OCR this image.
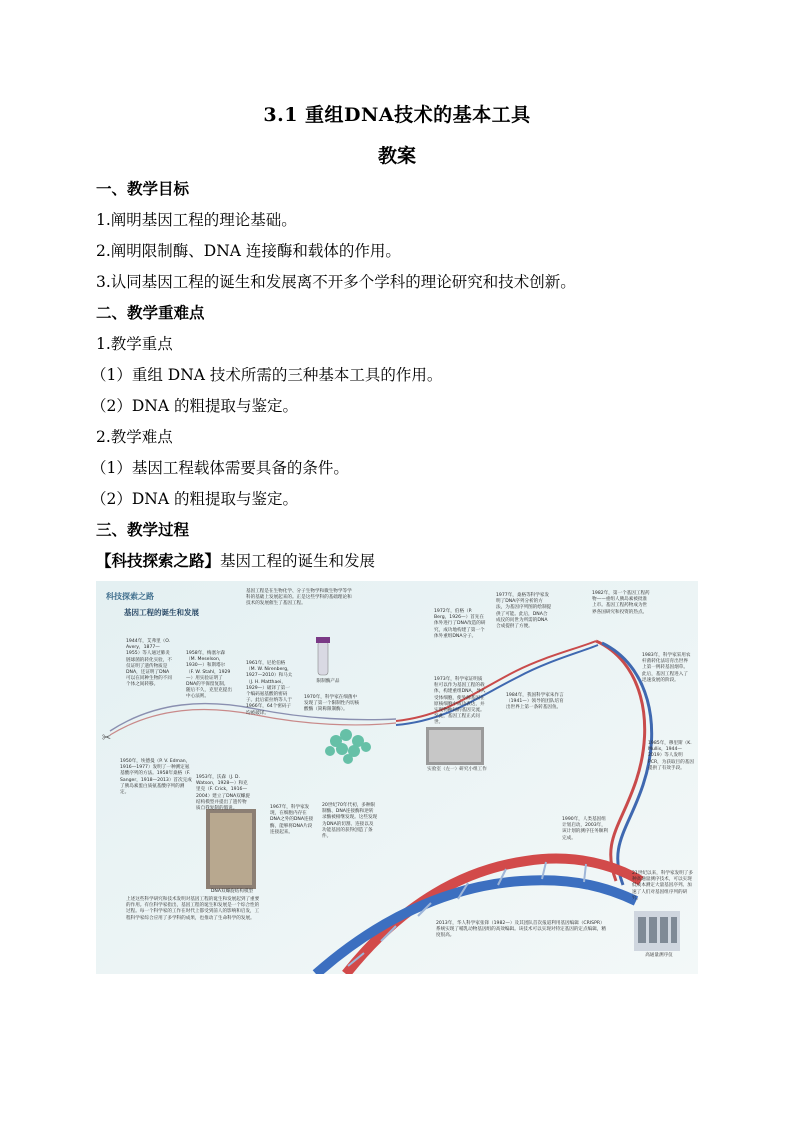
3.1 重组DNA技术的基本工具
教案
一、教学目标
1.阐明基因工程的理论基础。
2.阐明限制酶、DNA 连接酶和载体的作用。
3.认同基因工程的诞生和发展离不开多个学科的理论研究和技术创新。
二、教学重难点
1.教学重点
（1）重组 DNA 技术所需的三种基本工具的作用。
（2）DNA 的粗提取与鉴定。
2.教学难点
（1）基因工程载体需要具备的条件。
（2）DNA 的粗提取与鉴定。
三、教学过程
【科技探索之路】基因工程的诞生和发展
✂
科技探索之路
基因工程的诞生和发展
基因工程是在生物化学、分子生物学和微生物学等学科的基础上发展起来的。正是这些学科的基础理论和技术的发展催生了基因工程。
1944年，艾弗里（O. Avery，1877—1955）等人通过肺炎链球菌的转化实验，不仅证明了遗传物质是DNA，还证明了DNA可以在同种生物的不同个体之间转移。
1958年，梅塞尔森（M. Meselson，1930—）和斯塔尔（F. W. Stahl，1929—）用实验证明了DNA的半保留复制。随后不久，克里克提出中心法则。
1961年，尼伦伯格（M. W. Nirenberg，1927—2010）和马太（J. H. Matthaei，1929—）破译了第一个编码氨基酸的密码子。此后霍拉纳等人于1966年，64个密码子均被破译。
1970年，科学家在细菌中发现了第一个限制性内切核酸酶（简称限制酶）。
1972年，伯格（P. Berg，1926—）首先在体外进行了DNA改造的研究，成功地构建了第一个体外重组DNA分子。
1977年，桑格等科学家发明了DNA序列分析的方法，为基因序列图的绘制提供了可能。此后，DNA合成仪的问世为所需的DNA合成提供了方便。
1982年，第一个基因工程药物——重组人胰岛素被批准上市。基因工程药物成为世界各国研究和投资的热点。
1983年，科学家采用农杆菌转化法培育出世界上第一例转基因烟草。此后，基因工程进入了迅速发展的阶段。
1984年，我国科学家朱作言（1941—）领导的团队培育出世界上第一条转基因鱼。
1973年，科学家证明质粒可以作为基因工程的载体，构建重组DNA，导入受体细胞，使外源基因在原核细胞中成功表达，并实现物种间的基因交流。至此，基因工程正式问世。
1985年，穆里斯（K. Mullis，1944—2019）等人发明PCR，为获取目的基因提供了有效手段。
1990年，人类基因组计划启动，2003年，该计划的测序任务顺利完成。
21世纪以来，科学家发明了多种高通量测序技术，可以实现低成本测定大量基因序列。加速了人们对基因组序列的研究。
2013年，华人科学家张锋（1982—）及其团队首次报道利用基因编辑（CRISPR）系统实现了哺乳动物基因组的高效编辑。该技术可以实现对特定基因的定点编辑，精度很高。
1950年，埃德曼（P. V. Edman，1916—1977）发明了一种测定氨基酸序列的方法。1958年桑格（F. Sanger，1918—2013）首次完成了胰岛素蛋白质氨基酸序列的测定。
1953年，沃森（J. D. Watson，1928—）和克里克（F. Crick，1916—2004）建立了DNA双螺旋结构模型并提出了遗传物质自我复制的假说。	1967年，科学家发现，在细胞内存在DNA之外的DNA连接酶，能够将DNA片段连接起来。
20世纪70年代初，多种限制酶、DNA连接酶和逆转录酶被相继发现。这些发现为DNA的切割、连接以及功能基因的获得创造了条件。
上述这些科学研究和技术发明对基因工程的诞生和发展起到了重要的作用。有位科学家指出，基因工程的诞生和发展是一个综合性的过程。每一个科学家的工作在时代上都受到前人的影响和启发，工程科学家综合应用了多学科的成果，也推动了生命科学的发展。
限制酶产品
实验室（左一）研究小组工作
DNA双螺旋结构模型
高通量测序仪
